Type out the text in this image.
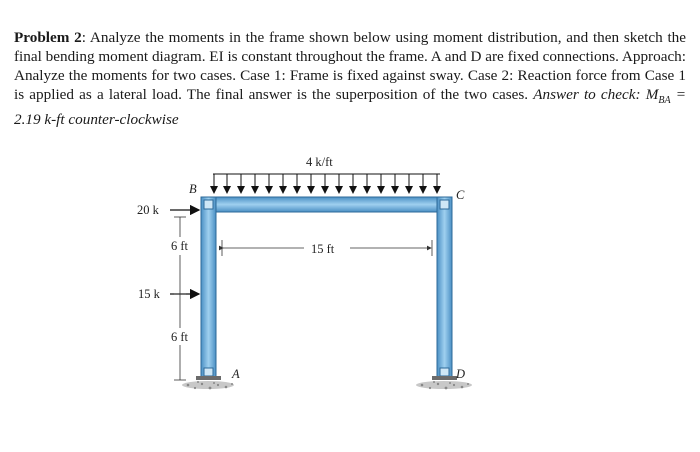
Problem 2: Analyze the moments in the frame shown below using moment distribution, and then sketch the final bending moment diagram. EI is constant throughout the frame. A and D are fixed connections. Approach: Analyze the moments for two cases. Case 1: Frame is fixed against sway. Case 2: Reaction force from Case 1 is applied as a lateral load. The final answer is the superposition of the two cases. Answer to check: $M_{BA} = 2.19$ k-ft counter-clockwise
4 k/ft
20 k
15 k
6 ft
6 ft
15 ft
B	C
A	D
